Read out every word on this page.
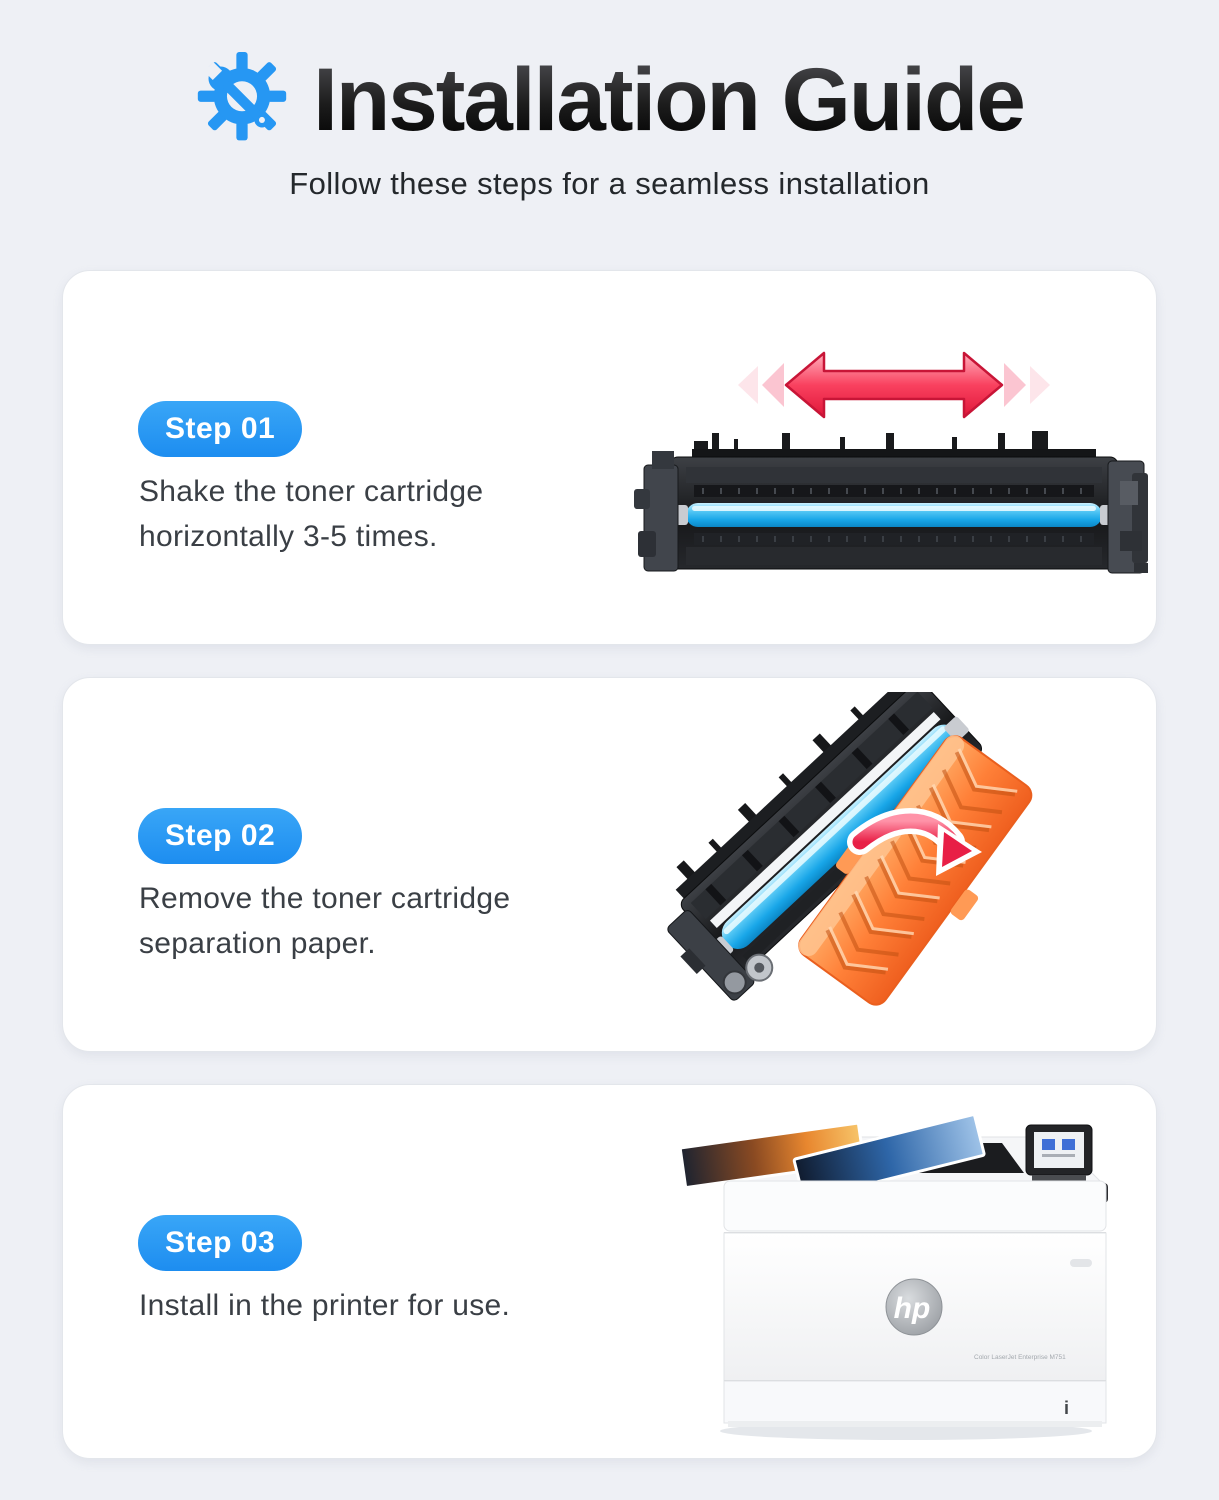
Installation Guide
Follow these steps for a seamless installation
Step 01
Shake the toner cartridge horizontally 3-5 times.
Step 02
Remove the toner cartridge separation paper.
Step 03
Install in the printer for use.	hp
Color LaserJet Enterprise M751
i
